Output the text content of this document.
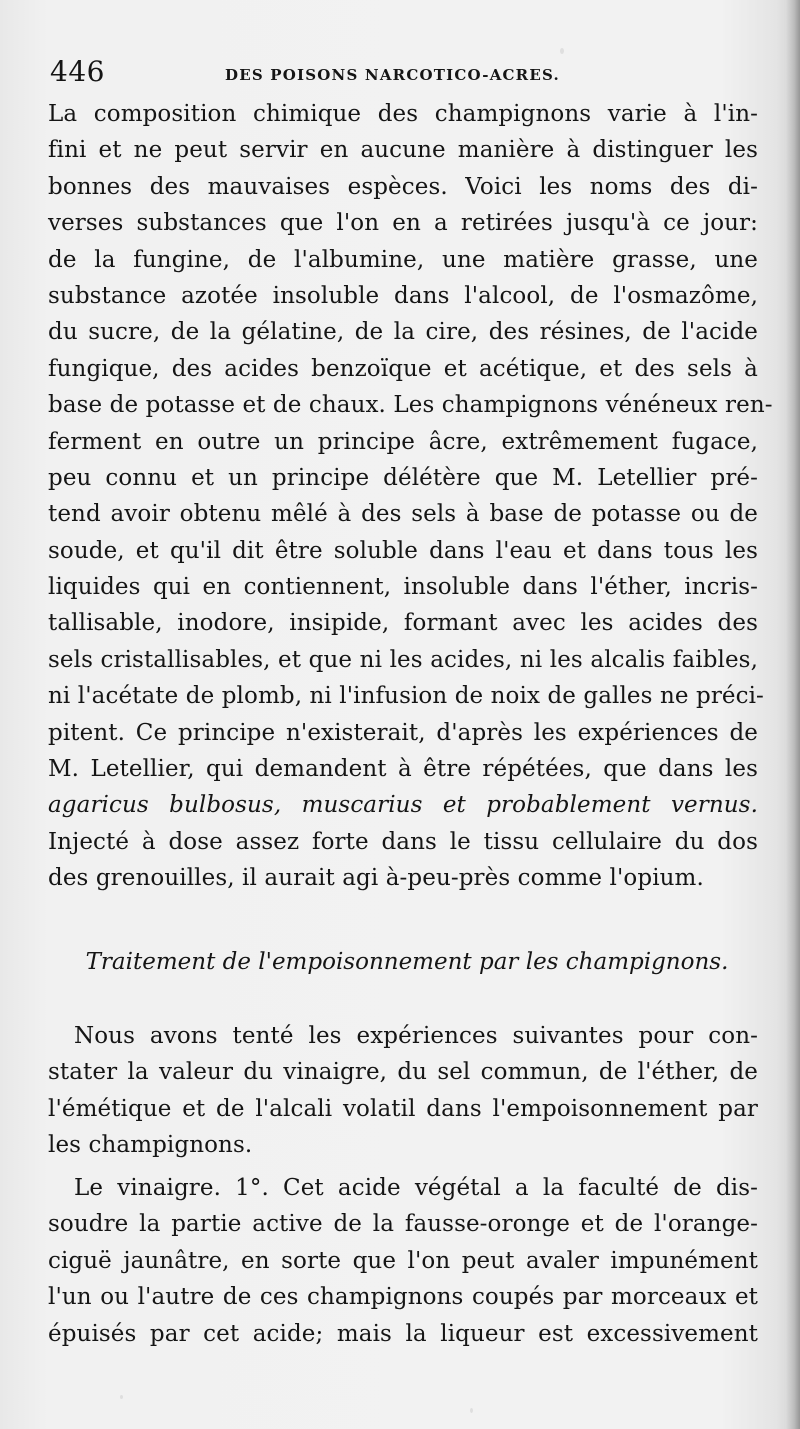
446	DES POISONS NARCOTICO-ACRES.
La composition chimique des champignons varie à l'in-
fini et ne peut servir en aucune manière à distinguer les
bonnes des mauvaises espèces. Voici les noms des di-
verses substances que l'on en a retirées jusqu'à ce jour:
de la fungine, de l'albumine, une matière grasse, une
substance azotée insoluble dans l'alcool, de l'osmazôme,
du sucre, de la gélatine, de la cire, des résines, de l'acide
fungique, des acides benzoïque et acétique, et des sels à
base de potasse et de chaux. Les champignons vénéneux ren-
ferment en outre un principe âcre, extrêmement fugace,
peu connu et un principe délétère que M. Letellier pré-
tend avoir obtenu mêlé à des sels à base de potasse ou de
soude, et qu'il dit être soluble dans l'eau et dans tous les
liquides qui en contiennent, insoluble dans l'éther, incris-
tallisable, inodore, insipide, formant avec les acides des
sels cristallisables, et que ni les acides, ni les alcalis faibles,
ni l'acétate de plomb, ni l'infusion de noix de galles ne préci-
pitent. Ce principe n'existerait, d'après les expériences de
M. Letellier, qui demandent à être répétées, que dans les
agaricus bulbosus, muscarius et probablement vernus.
Injecté à dose assez forte dans le tissu cellulaire du dos
des grenouilles, il aurait agi à-peu-près comme l'opium.
Traitement de l'empoisonnement par les champignons.
Nous avons tenté les expériences suivantes pour con-
stater la valeur du vinaigre, du sel commun, de l'éther, de
l'émétique et de l'alcali volatil dans l'empoisonnement par
les champignons.
Le vinaigre. 1°. Cet acide végétal a la faculté de dis-
soudre la partie active de la fausse-oronge et de l'orange-
ciguë jaunâtre, en sorte que l'on peut avaler impunément
l'un ou l'autre de ces champignons coupés par morceaux et
épuisés par cet acide; mais la liqueur est excessivement
